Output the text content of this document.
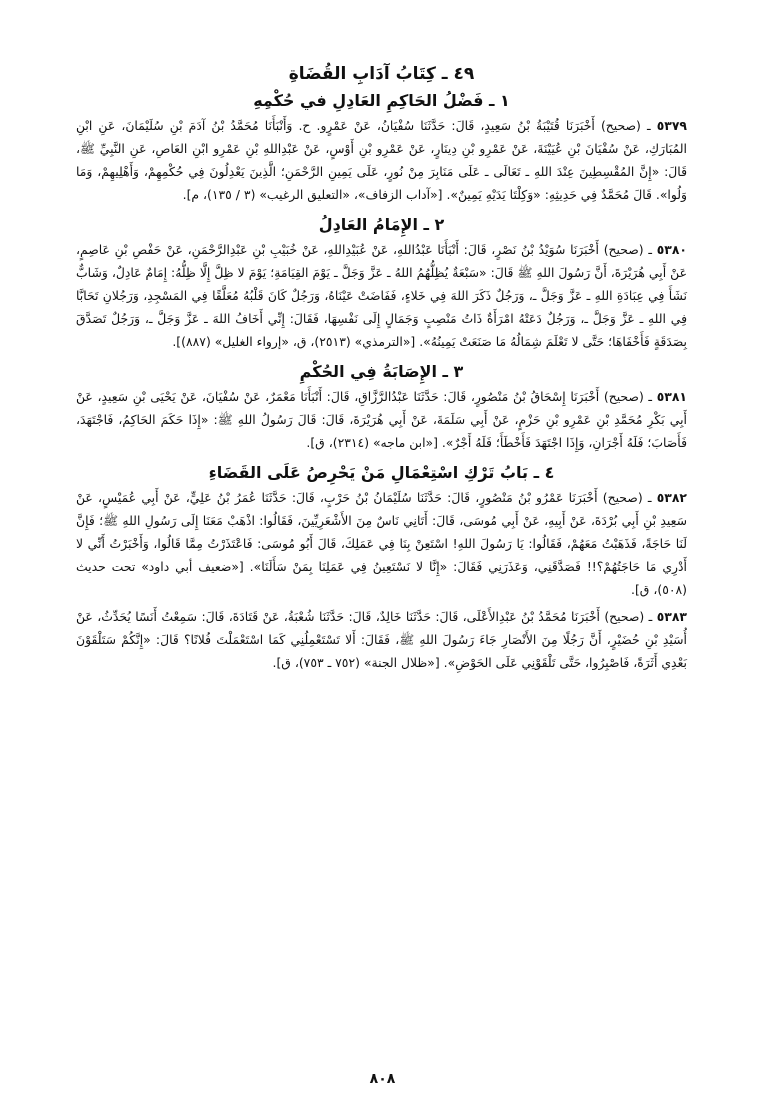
٤٩ ـ كِتَابُ آدَابِ القُضَاةِ
١ ـ فَضْلُ الحَاكِمِ العَادِلِ في حُكْمِهِ

٥٣٧٩ ـ (صحيح) أَخْبَرَنَا قُتَيْبَةُ بْنُ سَعِيدٍ، قَالَ: حَدَّثَنَا سُفْيَانُ، عَنْ عَمْرٍو. ح. وَأَنْبَأَنَا مُحَمَّدُ بْنُ آدَمَ بْنِ سُلَيْمَانَ، عَنِ ابْنِ المُبَارَكِ، عَنْ سُفْيَانَ بْنِ عُيَيْنَةَ، عَنْ عَمْرِو بْنِ دِينَارٍ، عَنْ عَمْرِو بْنِ أَوْسٍ، عَنْ عَبْدِاللهِ بْنِ عَمْرِو ابْنِ العَاصِ، عَنِ النَّبِيِّ ﷺ، قَالَ: «إِنَّ المُقْسِطِينَ عِنْدَ اللهِ ـ تَعَالَى ـ عَلَى مَنَابِرَ مِنْ نُورٍ، عَلَى يَمِينِ الرَّحْمَنِ؛ الَّذِينَ يَعْدِلُونَ فِي حُكْمِهِمْ، وَأَهْلِيهِمْ، وَمَا وَلُوا». قَالَ مُحَمَّدٌ فِي حَدِيثِهِ: «وَكِلْتَا يَدَيْهِ يَمِينٌ». [«آداب الزفاف»، «التعليق الرغيب» (٣ / ١٣٥)، م].

٢ ـ الإِمَامُ العَادِلُ

٥٣٨٠ ـ (صحيح) أَخْبَرَنَا سُوَيْدُ بْنُ نَصْرٍ، قَالَ: أَنْبَأَنَا عَبْدُاللهِ، عَنْ عُبَيْدِاللهِ، عَنْ خُبَيْبِ بْنِ عَبْدِالرَّحْمَنِ، عَنْ حَفْصِ بْنِ عَاصِمٍ، عَنْ أَبِي هُرَيْرَةَ، أَنَّ رَسُولَ اللهِ ﷺ قَالَ: «سَبْعَةٌ يُظِلُّهُمُ اللهُ ـ عَزَّ وَجَلَّ ـ يَوْمَ القِيَامَةِ؛ يَوْمَ لا ظِلَّ إِلَّا ظِلُّهُ: إِمَامٌ عَادِلٌ، وَشَابٌّ نَشَأَ فِي عِبَادَةِ اللهِ ـ عَزَّ وَجَلَّ ـ، وَرَجُلٌ ذَكَرَ اللهَ فِي خَلاءٍ، فَفَاضَتْ عَيْنَاهُ، وَرَجُلٌ كَانَ قَلْبُهُ مُعَلَّقًا فِي المَسْجِدِ، وَرَجُلانِ تَحَابَّا فِي اللهِ ـ عَزَّ وَجَلَّ ـ، وَرَجُلٌ دَعَتْهُ امْرَأَةٌ ذَاتُ مَنْصِبٍ وَجَمَالٍ إِلَى نَفْسِهَا، فَقَالَ: إِنِّي أَخَافُ اللهَ ـ عَزَّ وَجَلَّ ـ، وَرَجُلٌ تَصَدَّقَ بِصَدَقَةٍ فَأَخْفَاهَا؛ حَتَّى لا تَعْلَمَ شِمَالُهُ مَا صَنَعَتْ يَمِينُهُ». [«الترمذي» (٢٥١٣)، ق، «إرواء الغليل» (٨٨٧)].

٣ ـ الإِصَابَةُ فِي الحُكْمِ

٥٣٨١ ـ (صحيح) أَخْبَرَنَا إِسْحَاقُ بْنُ مَنْصُورٍ، قَالَ: حَدَّثَنَا عَبْدُالرَّزَّاقِ، قَالَ: أَنْبَأَنَا مَعْمَرٌ، عَنْ سُفْيَانَ، عَنْ يَحْيَى بْنِ سَعِيدٍ، عَنْ أَبِي بَكْرِ مُحَمَّدِ بْنِ عَمْرِو بْنِ حَزْمٍ، عَنْ أَبِي سَلَمَةَ، عَنْ أَبِي هُرَيْرَةَ، قَالَ: قَالَ رَسُولُ اللهِ ﷺ: «إِذَا حَكَمَ الحَاكِمُ، فَاجْتَهَدَ، فَأَصَابَ؛ فَلَهُ أَجْرَانِ، وَإِذَا اجْتَهَدَ فَأَخْطَأَ؛ فَلَهُ أَجْرٌ». [«ابن ماجه» (٢٣١٤)، ق].

٤ ـ بَابُ تَرْكِ اسْتِعْمَالِ مَنْ يَحْرِصُ عَلَى القَضَاءِ

٥٣٨٢ ـ (صحيح) أَخْبَرَنَا عَمْرُو بْنُ مَنْصُورٍ، قَالَ: حَدَّثَنَا سُلَيْمَانُ بْنُ حَرْبٍ، قَالَ: حَدَّثَنَا عُمَرُ بْنُ عَلِيٍّ، عَنْ أَبِي عُمَيْسٍ، عَنْ سَعِيدِ بْنِ أَبِي بُرْدَةَ، عَنْ أَبِيهِ، عَنْ أَبِي مُوسَى، قَالَ: أَتَانِي نَاسٌ مِنَ الأَشْعَرِيِّينَ، فَقَالُوا: اذْهَبْ مَعَنَا إِلَى رَسُولِ اللهِ ﷺ؛ فَإِنَّ لَنَا حَاجَةً، فَذَهَبْتُ مَعَهُمْ، فَقَالُوا: يَا رَسُولَ اللهِ! اسْتَعِنْ بِنَا فِي عَمَلِكَ، قَالَ أَبُو مُوسَى: فَاعْتَذَرْتُ مِمَّا قَالُوا، وَأَخْبَرْتُ أَنِّي لا أَدْرِي مَا حَاجَتُهُمْ؟!! فَصَدَّقَنِي، وَعَذَرَنِي فَقَالَ: «إِنَّا لا نَسْتَعِينُ فِي عَمَلِنَا بِمَنْ سَأَلَنَا». [«ضعيف أبي داود» تحت حديث (٥٠٨)، ق].

٥٣٨٣ ـ (صحيح) أَخْبَرَنَا مُحَمَّدُ بْنُ عَبْدِالأَعْلَى، قَالَ: حَدَّثَنَا خَالِدٌ، قَالَ: حَدَّثَنَا شُعْبَةُ، عَنْ قَتَادَةَ، قَالَ: سَمِعْتُ أَنَسًا يُحَدِّثُ، عَنْ أُسَيْدِ بْنِ حُضَيْرٍ، أَنَّ رَجُلًا مِنَ الأَنْصَارِ جَاءَ رَسُولَ اللهِ ﷺ، فَقَالَ: أَلا تَسْتَعْمِلُنِي كَمَا اسْتَعْمَلْتَ فُلانًا؟ قَالَ: «إِنَّكُمْ سَتَلْقَوْنَ بَعْدِي أَثَرَةً، فَاصْبِرُوا، حَتَّى تَلْقَوْنِي عَلَى الحَوْضِ». [«ظلال الجنة» (٧٥٢ ـ ٧٥٣)، ق].

٨٠٨
